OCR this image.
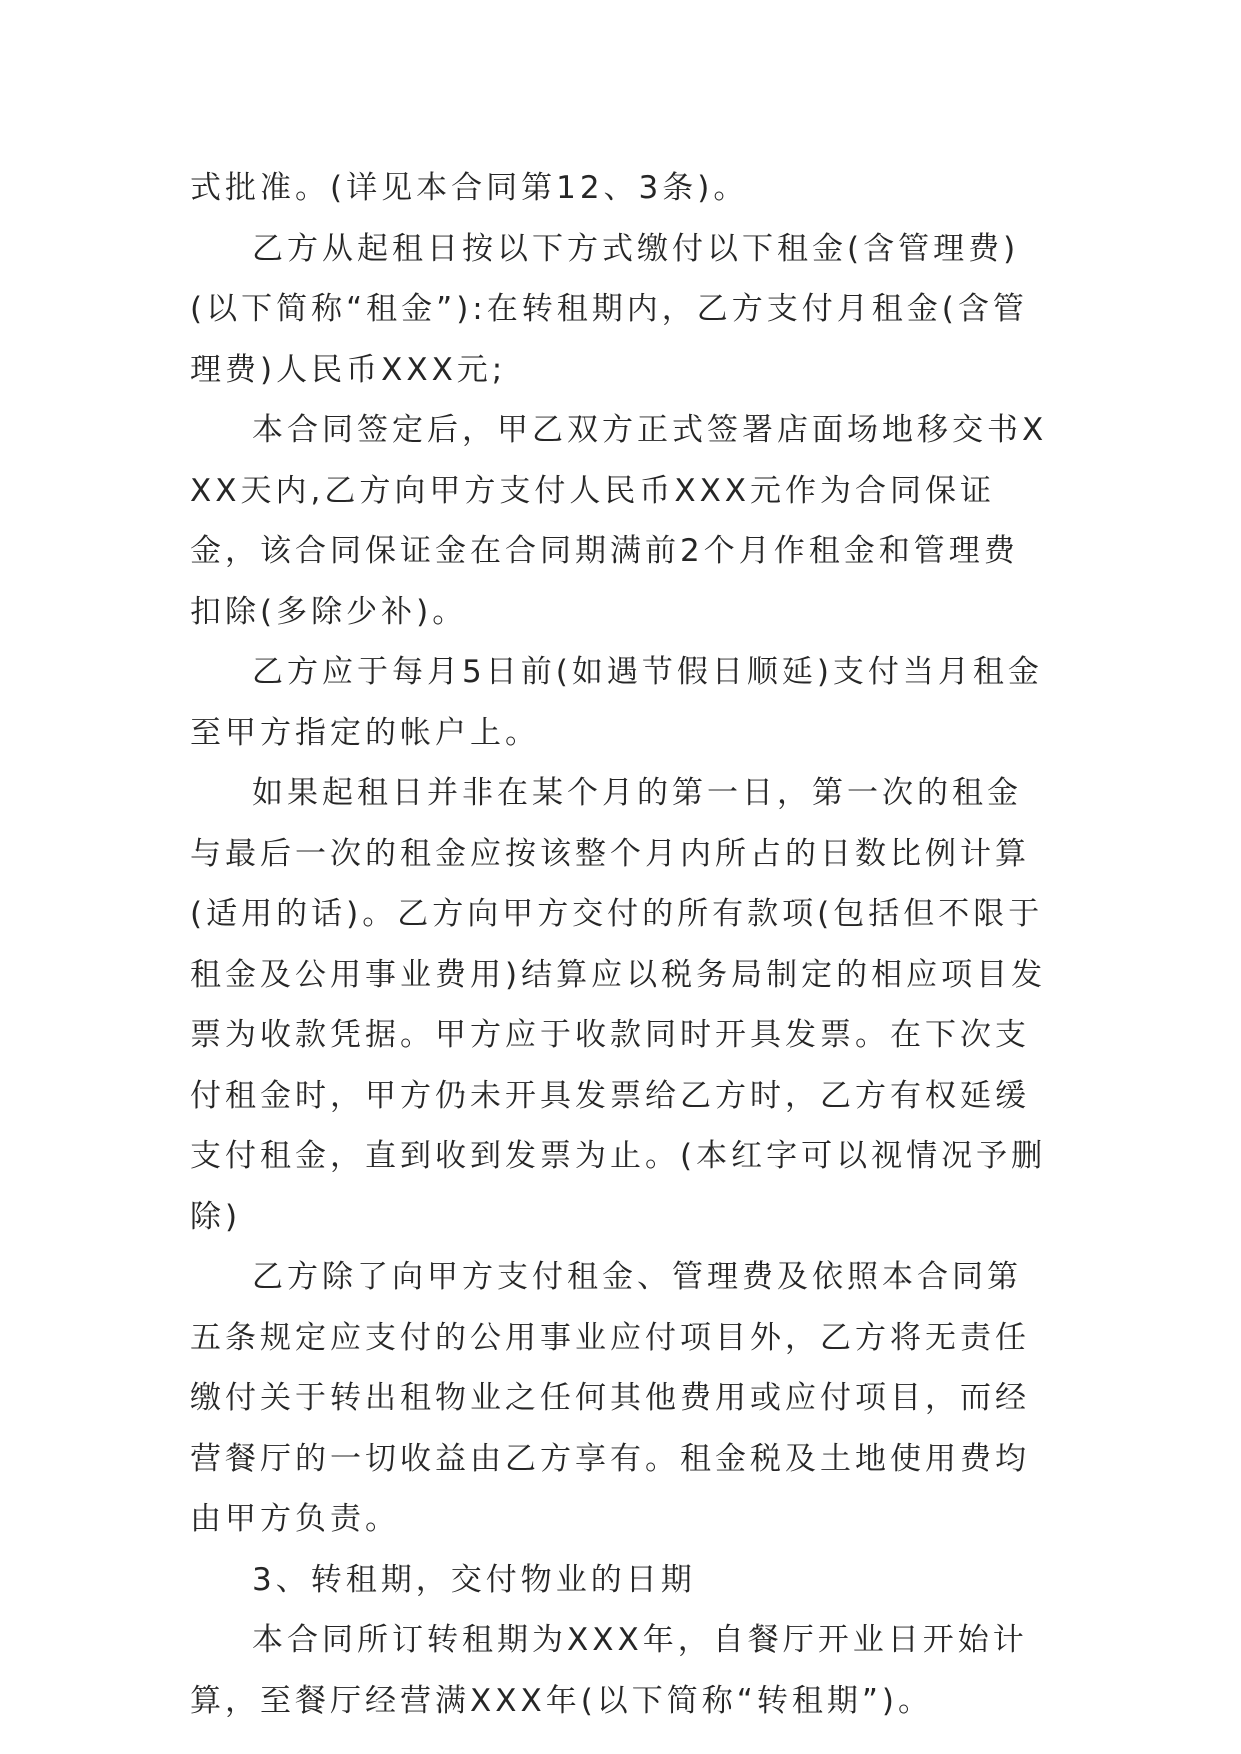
式批准。(详见本合同第12、3条)。

乙方从起租日按以下方式缴付以下租金(含管理费)(以下简称“租金”):在转租期内，乙方支付月租金(含管理费)人民币XXX元;

本合同签定后，甲乙双方正式签署店面场地移交书XXX天内,乙方向甲方支付人民币XXX元作为合同保证金，该合同保证金在合同期满前2个月作租金和管理费扣除(多除少补)。

乙方应于每月5日前(如遇节假日顺延)支付当月租金至甲方指定的帐户上。

如果起租日并非在某个月的第一日，第一次的租金与最后一次的租金应按该整个月内所占的日数比例计算(适用的话)。乙方向甲方交付的所有款项(包括但不限于租金及公用事业费用)结算应以税务局制定的相应项目发票为收款凭据。甲方应于收款同时开具发票。在下次支付租金时，甲方仍未开具发票给乙方时，乙方有权延缓支付租金，直到收到发票为止。(本红字可以视情况予删除)

乙方除了向甲方支付租金、管理费及依照本合同第五条规定应支付的公用事业应付项目外，乙方将无责任缴付关于转出租物业之任何其他费用或应付项目，而经营餐厅的一切收益由乙方享有。租金税及土地使用费均由甲方负责。

3、转租期，交付物业的日期

本合同所订转租期为XXX年，自餐厅开业日开始计算，至餐厅经营满XXX年(以下简称“转租期”)。
